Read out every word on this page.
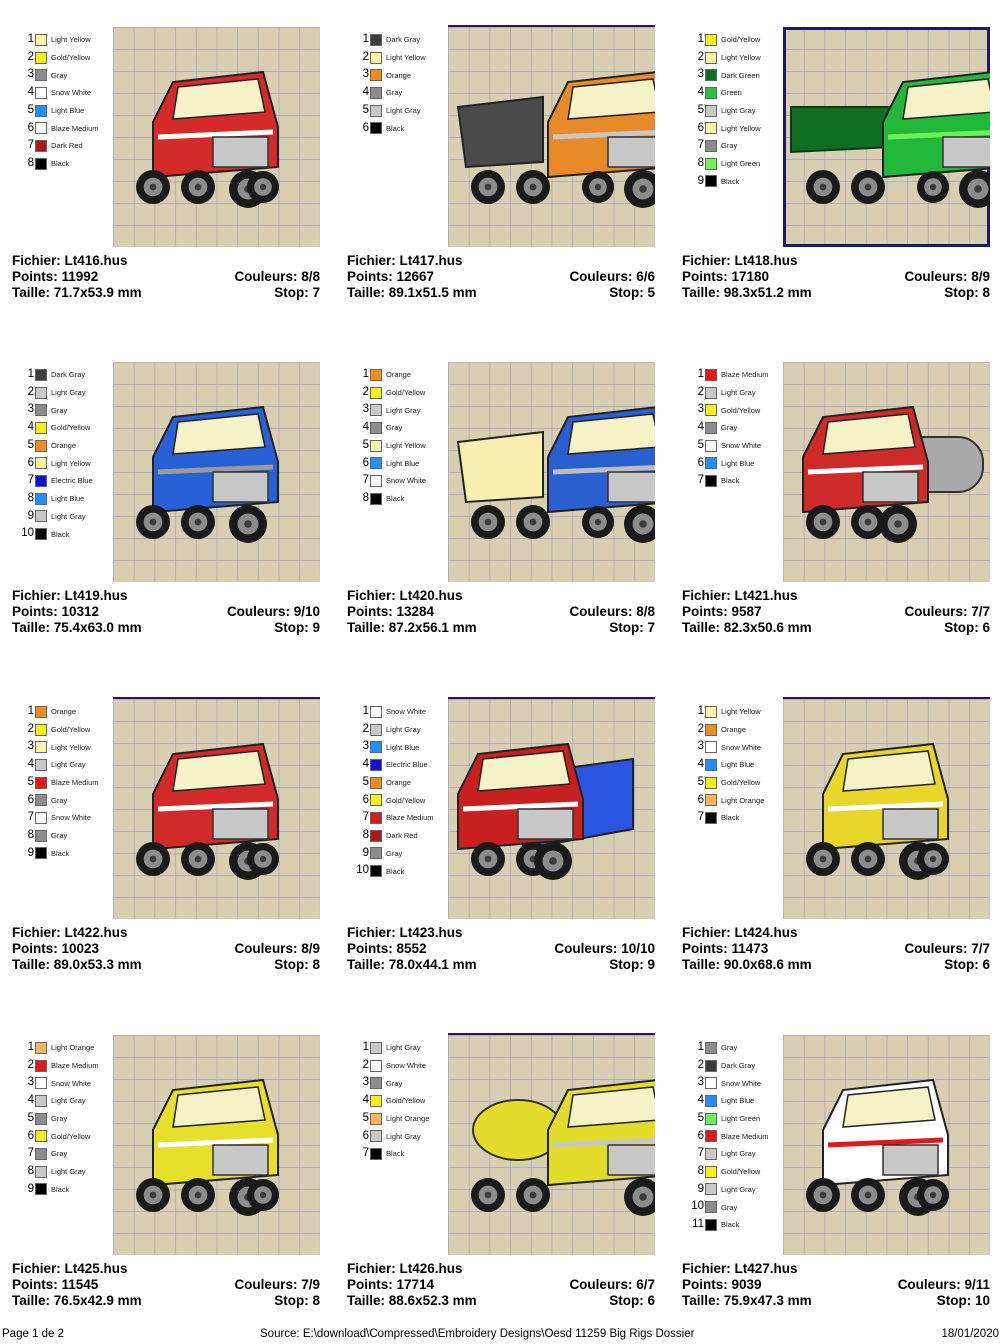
1 Light Yellow
2 Gold/Yellow
3 Gray
4 Snow White
5 Light Blue
6 Blaze Medium
7 Dark Red
8 Black
Fichier: Lt416.hus
Points: 11992	Couleurs: 8/8
Taille: 71.7x53.9 mm	Stop: 7
1 Dark Gray
2 Light Yellow
3 Orange
4 Gray
5 Light Gray
6 Black
Fichier: Lt417.hus
Points: 12667	Couleurs: 6/6
Taille: 89.1x51.5 mm	Stop: 5
1 Gold/Yellow
2 Light Yellow
3 Dark Green
4 Green
5 Light Gray
6 Light Yellow
7 Gray
8 Light Green
9 Black
Fichier: Lt418.hus
Points: 17180	Couleurs: 8/9
Taille: 98.3x51.2 mm	Stop: 8
1 Dark Gray
2 Light Gray
3 Gray
4 Gold/Yellow
5 Orange
6 Light Yellow
7 Electric Blue
8 Light Blue
9 Light Gray
10 Black
Fichier: Lt419.hus
Points: 10312	Couleurs: 9/10
Taille: 75.4x63.0 mm	Stop: 9
1 Orange
2 Gold/Yellow
3 Light Gray
4 Gray
5 Light Yellow
6 Light Blue
7 Snow White
8 Black
Fichier: Lt420.hus
Points: 13284	Couleurs: 8/8
Taille: 87.2x56.1 mm	Stop: 7
1 Blaze Medium
2 Light Gray
3 Gold/Yellow
4 Gray
5 Snow White
6 Light Blue
7 Black
Fichier: Lt421.hus
Points: 9587	Couleurs: 7/7
Taille: 82.3x50.6 mm	Stop: 6
1 Orange
2 Gold/Yellow
3 Light Yellow
4 Light Gray
5 Blaze Medium
6 Gray
7 Snow White
8 Gray
9 Black
Fichier: Lt422.hus
Points: 10023	Couleurs: 8/9
Taille: 89.0x53.3 mm	Stop: 8
1 Snow White
2 Light Gray
3 Light Blue
4 Electric Blue
5 Orange
6 Gold/Yellow
7 Blaze Medium
8 Dark Red
9 Gray
10 Black
Fichier: Lt423.hus
Points: 8552	Couleurs: 10/10
Taille: 78.0x44.1 mm	Stop: 9
1 Light Yellow
2 Orange
3 Snow White
4 Light Blue
5 Gold/Yellow
6 Light Orange
7 Black
Fichier: Lt424.hus
Points: 11473	Couleurs: 7/7
Taille: 90.0x68.6 mm	Stop: 6
1 Light Orange
2 Blaze Medium
3 Snow White
4 Light Gray
5 Gray
6 Gold/Yellow
7 Gray
8 Light Gray
9 Black
Fichier: Lt425.hus
Points: 11545	Couleurs: 7/9
Taille: 76.5x42.9 mm	Stop: 8
1 Light Gray
2 Snow White
3 Gray
4 Gold/Yellow
5 Light Orange
6 Light Gray
7 Black
Fichier: Lt426.hus
Points: 17714	Couleurs: 6/7
Taille: 88.6x52.3 mm	Stop: 6
1 Gray
2 Dark Gray
3 Snow White
4 Light Blue
5 Light Green
6 Blaze Medium
7 Light Gray
8 Gold/Yellow
9 Light Gray
10 Gray
11 Black
Fichier: Lt427.hus
Points: 9039	Couleurs: 9/11
Taille: 75.9x47.3 mm	Stop: 10
Page 1 de 2	Source: E:\download\Compressed\Embroidery Designs\Oesd 11259 Big Rigs Dossier	18/01/2020
